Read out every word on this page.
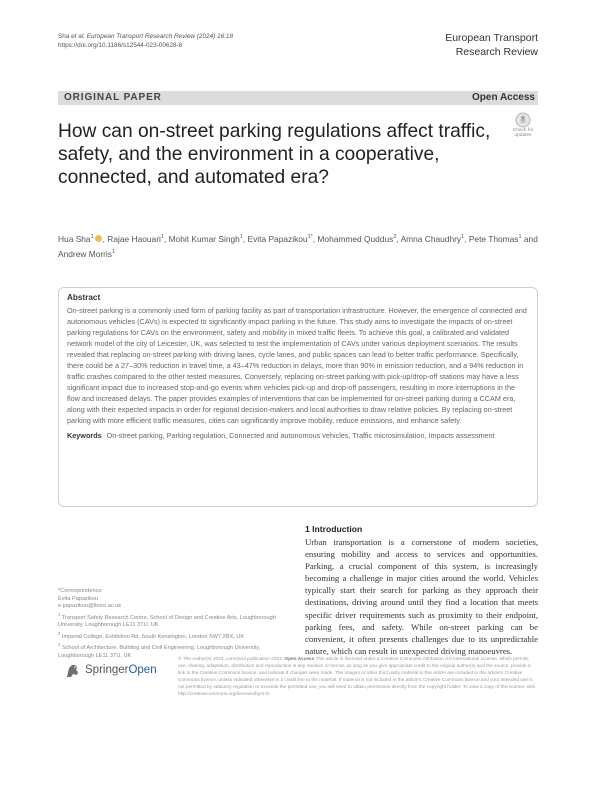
Sha et al. European Transport Research Review (2024) 16:18
https://doi.org/10.1186/s12544-023-00628-8
European Transport
Research Review
ORIGINAL PAPER	Open Access
How can on-street parking regulations affect traffic, safety, and the environment in a cooperative, connected, and automated era?
Check for
updates
Hua Sha$^1$ , Rajae Haouari$^1$, Mohit Kumar Singh$^1$, Evita Papazikou$^{1*}$, Mohammed Quddus$^2$, Amna Chaudhry$^1$, Pete Thomas$^1$ and Andrew Morris$^1$
Abstract
On-street parking is a commonly used form of parking facility as part of transportation infrastructure. However, the emergence of connected and autonomous vehicles (CAVs) is expected to significantly impact parking in the future. This study aims to investigate the impacts of on-street parking regulations for CAVs on the environment, safety and mobility in mixed traffic fleets. To achieve this goal, a calibrated and validated network model of the city of Leicester, UK, was selected to test the implementation of CAVs under various deployment scenarios. The results revealed that replacing on-street parking with driving lanes, cycle lanes, and public spaces can lead to better traffic performance. Specifically, there could be a 27–30% reduction in travel time, a 43–47% reduction in delays, more than 90% in emission reduction, and a 94% reduction in traffic crashes compared to the other tested measures. Conversely, replacing on-street parking with pick-up/drop-off stations may have a less significant impact due to increased stop-and-go events when vehicles pick-up and drop-off passengers, resulting in more interruptions in the flow and increased delays. The paper provides examples of interventions that can be implemented for on-street parking during a CCAM era, along with their expected impacts in order for regional decision-makers and local authorities to draw relative policies. By replacing on-street parking with more efficient traffic measures, cities can significantly improve mobility, reduce emissions, and enhance safety.
Keywords On-street parking, Parking regulation, Connected and autonomous vehicles, Traffic microsimulation, Impacts assessment
1 Introduction
Urban transportation is a cornerstone of modern societies, ensuring mobility and access to services and opportunities. Parking, a crucial component of this system, is increasingly becoming a challenge in major cities around the world. Vehicles typically start their search for parking as they approach their destinations, driving around until they find a location that meets specific driver requirements such as proximity to their endpoint, parking fees, and safety. While on-street parking can be convenient, it often presents challenges due to its unpredictable nature, which can result in unexpected driving manoeuvres.
*Correspondence:
Evita Papazikou
e.papazikou@lboro.ac.uk
$^1$ Transport Safety Research Centre, School of Design and Creative Arts, Loughborough University, Loughborough LE11 3TU, UK
$^2$ Imperial College, Exhibition Rd, South Kensington, London SW7 2BX, UK
$^3$ School of Architecture, Building and Civil Engineering, Loughborough University, Loughborough LE11 3TU, UK
SpringerOpen
© The Author(s) 2024, corrected publication 2024. Open Access This article is licensed under a Creative Commons Attribution 4.0 International License, which permits use, sharing, adaptation, distribution and reproduction in any medium or format, as long as you give appropriate credit to the original author(s) and the source, provide a link to the Creative Commons licence, and indicate if changes were made. The images or other third party material in this article are included in the article's Creative Commons licence, unless indicated otherwise in a credit line to the material. If material is not included in the article's Creative Commons licence and your intended use is not permitted by statutory regulation or exceeds the permitted use, you will need to obtain permission directly from the copyright holder. To view a copy of this licence, visit http://creativecommons.org/licenses/by/4.0/.
